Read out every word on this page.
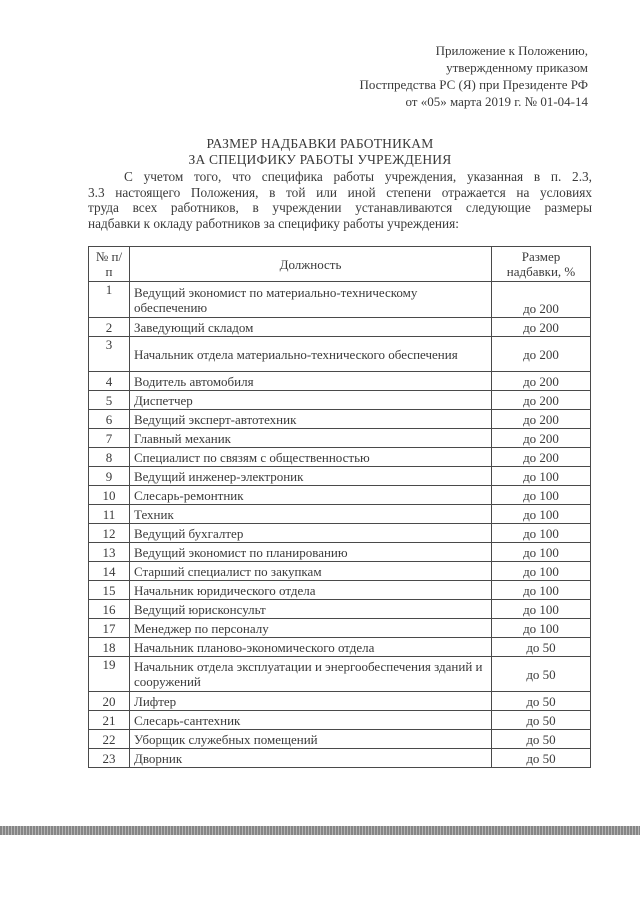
Приложение к Положению,
утвержденному приказом
Постпредства РС (Я) при Президенте РФ
от «05» марта 2019 г. № 01-04-14
РАЗМЕР НАДБАВКИ РАБОТНИКАМ
ЗА СПЕЦИФИКУ РАБОТЫ УЧРЕЖДЕНИЯ
С учетом того, что специфика работы учреждения, указанная в п. 2.3,
3.3 настоящего Положения, в той или иной степени отражается на условиях
труда всех работников, в учреждении устанавливаются следующие размеры
надбавки к окладу работников за специфику работы учреждения:
№ п/п	Должность	Размер надбавки, %
1	Ведущий экономист по материально-техническому обеспечению	до 200
2	Заведующий складом	до 200
3	Начальник отдела материально-технического обеспечения	до 200
4	Водитель автомобиля	до 200
5	Диспетчер	до 200
6	Ведущий эксперт-автотехник	до 200
7	Главный механик	до 200
8	Специалист по связям с общественностью	до 200
9	Ведущий инженер-электроник	до 100
10	Слесарь-ремонтник	до 100
11	Техник	до 100
12	Ведущий бухгалтер	до 100
13	Ведущий экономист по планированию	до 100
14	Старший специалист по закупкам	до 100
15	Начальник юридического отдела	до 100
16	Ведущий юрисконсульт	до 100
17	Менеджер по персоналу	до 100
18	Начальник планово-экономического отдела	до 50
19	Начальник отдела эксплуатации и энергообеспечения зданий и сооружений	до 50
20	Лифтер	до 50
21	Слесарь-сантехник	до 50
22	Уборщик служебных помещений	до 50
23	Дворник	до 50
